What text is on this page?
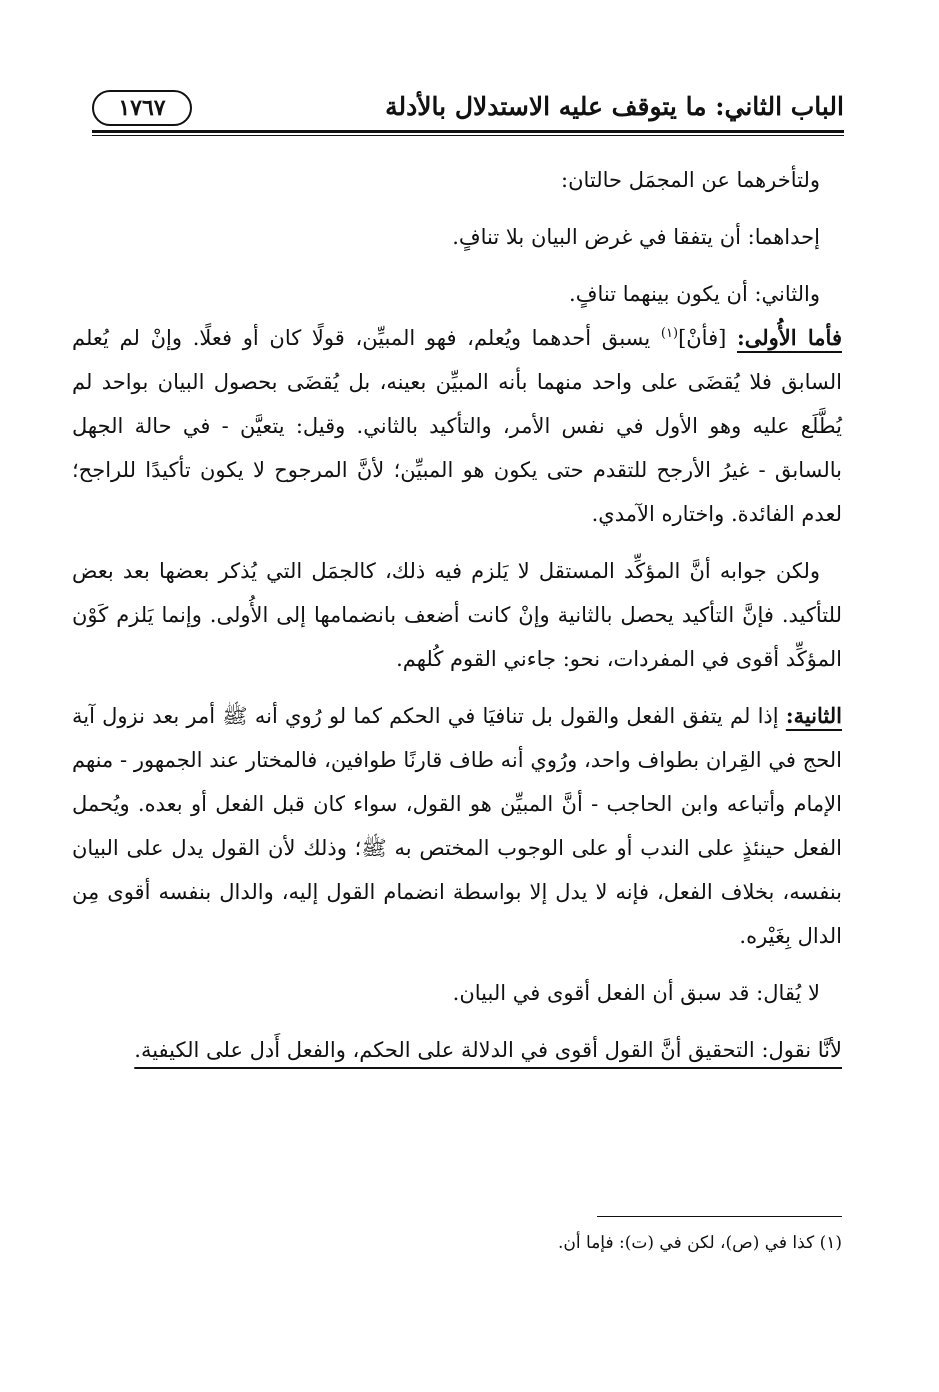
الباب الثاني: ما يتوقف عليه الاستدلال بالأدلة
١٧٦٧

ولتأخرهما عن المجمَل حالتان:

إحداهما: أن يتفقا في غرض البيان بلا تنافٍ.

والثاني: أن يكون بينهما تنافٍ.

فأما الأُولى: [فأنْ]$^{(١)}$ يسبق أحدهما ويُعلم، فهو المبيِّن، قولًا كان أو فعلًا. وإنْ لم يُعلم السابق فلا يُقضَى على واحد منهما بأنه المبيِّن بعينه، بل يُقضَى بحصول البيان بواحد لم يُطَّلَع عليه وهو الأول في نفس الأمر، والتأكيد بالثاني. وقيل: يتعيَّن - في حالة الجهل بالسابق - غيرُ الأرجح للتقدم حتى يكون هو المبيِّن؛ لأنَّ المرجوح لا يكون تأكيدًا للراجح؛ لعدم الفائدة. واختاره الآمدي.

ولكن جوابه أنَّ المؤكِّد المستقل لا يَلزم فيه ذلك، كالجمَل التي يُذكر بعضها بعد بعض للتأكيد. فإنَّ التأكيد يحصل بالثانية وإنْ كانت أضعف بانضمامها إلى الأُولى. وإنما يَلزم كَوْن المؤكِّد أقوى في المفردات، نحو: جاءني القوم كُلهم.

الثانية: إذا لم يتفق الفعل والقول بل تنافيَا في الحكم كما لو رُوي أنه ﷺ أمر بعد نزول آية الحج في القِران بطواف واحد، ورُوي أنه طاف قارنًا طوافين، فالمختار عند الجمهور - منهم الإمام وأتباعه وابن الحاجب - أنَّ المبيِّن هو القول، سواء كان قبل الفعل أو بعده. ويُحمل الفعل حينئذٍ على الندب أو على الوجوب المختص به ﷺ؛ وذلك لأن القول يدل على البيان بنفسه، بخلاف الفعل، فإنه لا يدل إلا بواسطة انضمام القول إليه، والدال بنفسه أقوى مِن الدال بِغَيْره.

لا يُقال: قد سبق أن الفعل أقوى في البيان.

لأنَّا نقول: التحقيق أنَّ القول أقوى في الدلالة على الحكم، والفعل أَدل على الكيفية.

(١) كذا في (ص)، لكن في (ت): فإما أن.
